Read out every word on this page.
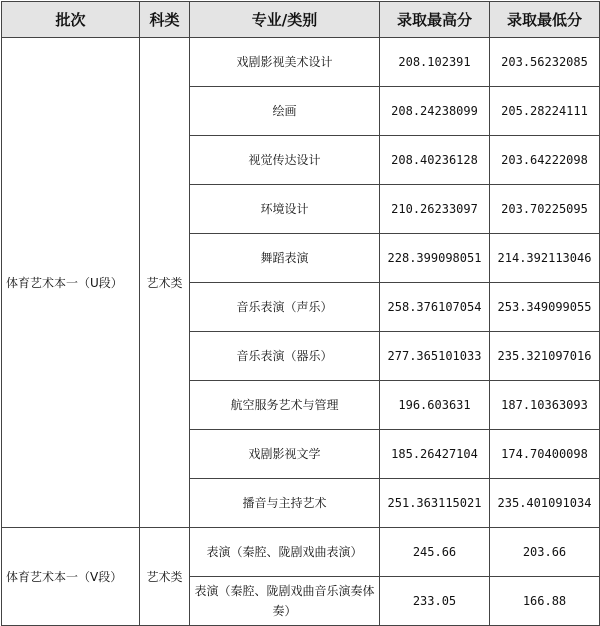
批次	科类	专业/类别	录取最高分	录取最低分
体育艺术本一（U段）	艺术类	戏剧影视美术设计	208.102391	203.56232085
		绘画	208.24238099	205.28224111
		视觉传达设计	208.40236128	203.64222098
		环境设计	210.26233097	203.70225095
		舞蹈表演	228.399098051	214.392113046
		音乐表演（声乐）	258.376107054	253.349099055
		音乐表演（器乐）	277.365101033	235.321097016
		航空服务艺术与管理	196.603631	187.10363093
		戏剧影视文学	185.26427104	174.70400098
		播音与主持艺术	251.363115021	235.401091034
体育艺术本一（V段）	艺术类	表演（秦腔、陇剧戏曲表演）	245.66	203.66
		表演（秦腔、陇剧戏曲音乐演奏体奏）	233.05	166.88
